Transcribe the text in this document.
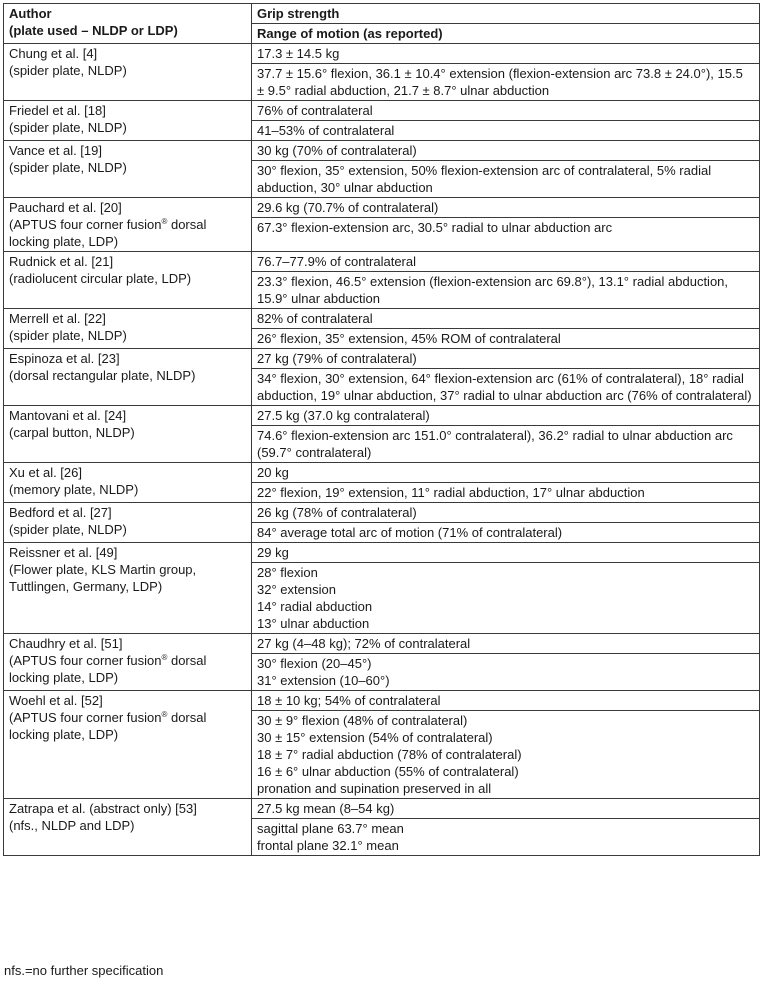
Author
(plate used – NLDP or LDP)	Grip strength
	Range of motion (as reported)

Chung et al. [4]
(spider plate, NLDP)	17.3 ± 14.5 kg

	37.7 ± 15.6° flexion, 36.1 ± 10.4° extension (flexion-extension arc 73.8 ± 24.0°), 15.5 ± 9.5° radial abduction, 21.7 ± 8.7° ulnar abduction

Friedel et al. [18]
(spider plate, NLDP)	76% of contralateral

	41–53% of contralateral

Vance et al. [19]
(spider plate, NLDP)	30 kg (70% of contralateral)

	30° flexion, 35° extension, 50% flexion-extension arc of contralateral, 5% radial abduction, 30° ulnar abduction

Pauchard et al. [20]
(APTUS four corner fusion® dorsal locking plate, LDP)	29.6 kg (70.7% of contralateral)

	67.3° flexion-extension arc, 30.5° radial to ulnar abduction arc

Rudnick et al. [21]
(radiolucent circular plate, LDP)	76.7–77.9% of contralateral

	23.3° flexion, 46.5° extension (flexion-extension arc 69.8°), 13.1° radial abduction, 15.9° ulnar abduction

Merrell et al. [22]
(spider plate, NLDP)	82% of contralateral

	26° flexion, 35° extension, 45% ROM of contralateral

Espinoza et al. [23]
(dorsal rectangular plate, NLDP)	27 kg (79% of contralateral)

	34° flexion, 30° extension, 64° flexion-extension arc (61% of contralateral), 18° radial abduction, 19° ulnar abduction, 37° radial to ulnar abduction arc (76% of contralateral)

Mantovani et al. [24]
(carpal button, NLDP)	27.5 kg (37.0 kg contralateral)

	74.6° flexion-extension arc 151.0° contralateral), 36.2° radial to ulnar abduction arc (59.7° contralateral)

Xu et al. [26]
(memory plate, NLDP)	20 kg

	22° flexion, 19° extension, 11° radial abduction, 17° ulnar abduction

Bedford et al. [27]
(spider plate, NLDP)	26 kg (78% of contralateral)

	84° average total arc of motion (71% of contralateral)

Reissner et al. [49]
(Flower plate, KLS Martin group, Tuttlingen, Germany, LDP)	29 kg

	28° flexion
32° extension
14° radial abduction
13° ulnar abduction

Chaudhry et al. [51]
(APTUS four corner fusion® dorsal locking plate, LDP)	27 kg (4–48 kg); 72% of contralateral

	30° flexion (20–45°)
31° extension (10–60°)

Woehl et al. [52]
(APTUS four corner fusion® dorsal locking plate, LDP)	18 ± 10 kg; 54% of contralateral

	30 ± 9° flexion (48% of contralateral)
30 ± 15° extension (54% of contralateral)
18 ± 7° radial abduction (78% of contralateral)
16 ± 6° ulnar abduction (55% of contralateral)
pronation and supination preserved in all

Zatrapa et al. (abstract only) [53]
(nfs., NLDP and LDP)	27.5 kg mean (8–54 kg)

	sagittal plane 63.7° mean
frontal plane 32.1° mean
nfs.=no further specification
